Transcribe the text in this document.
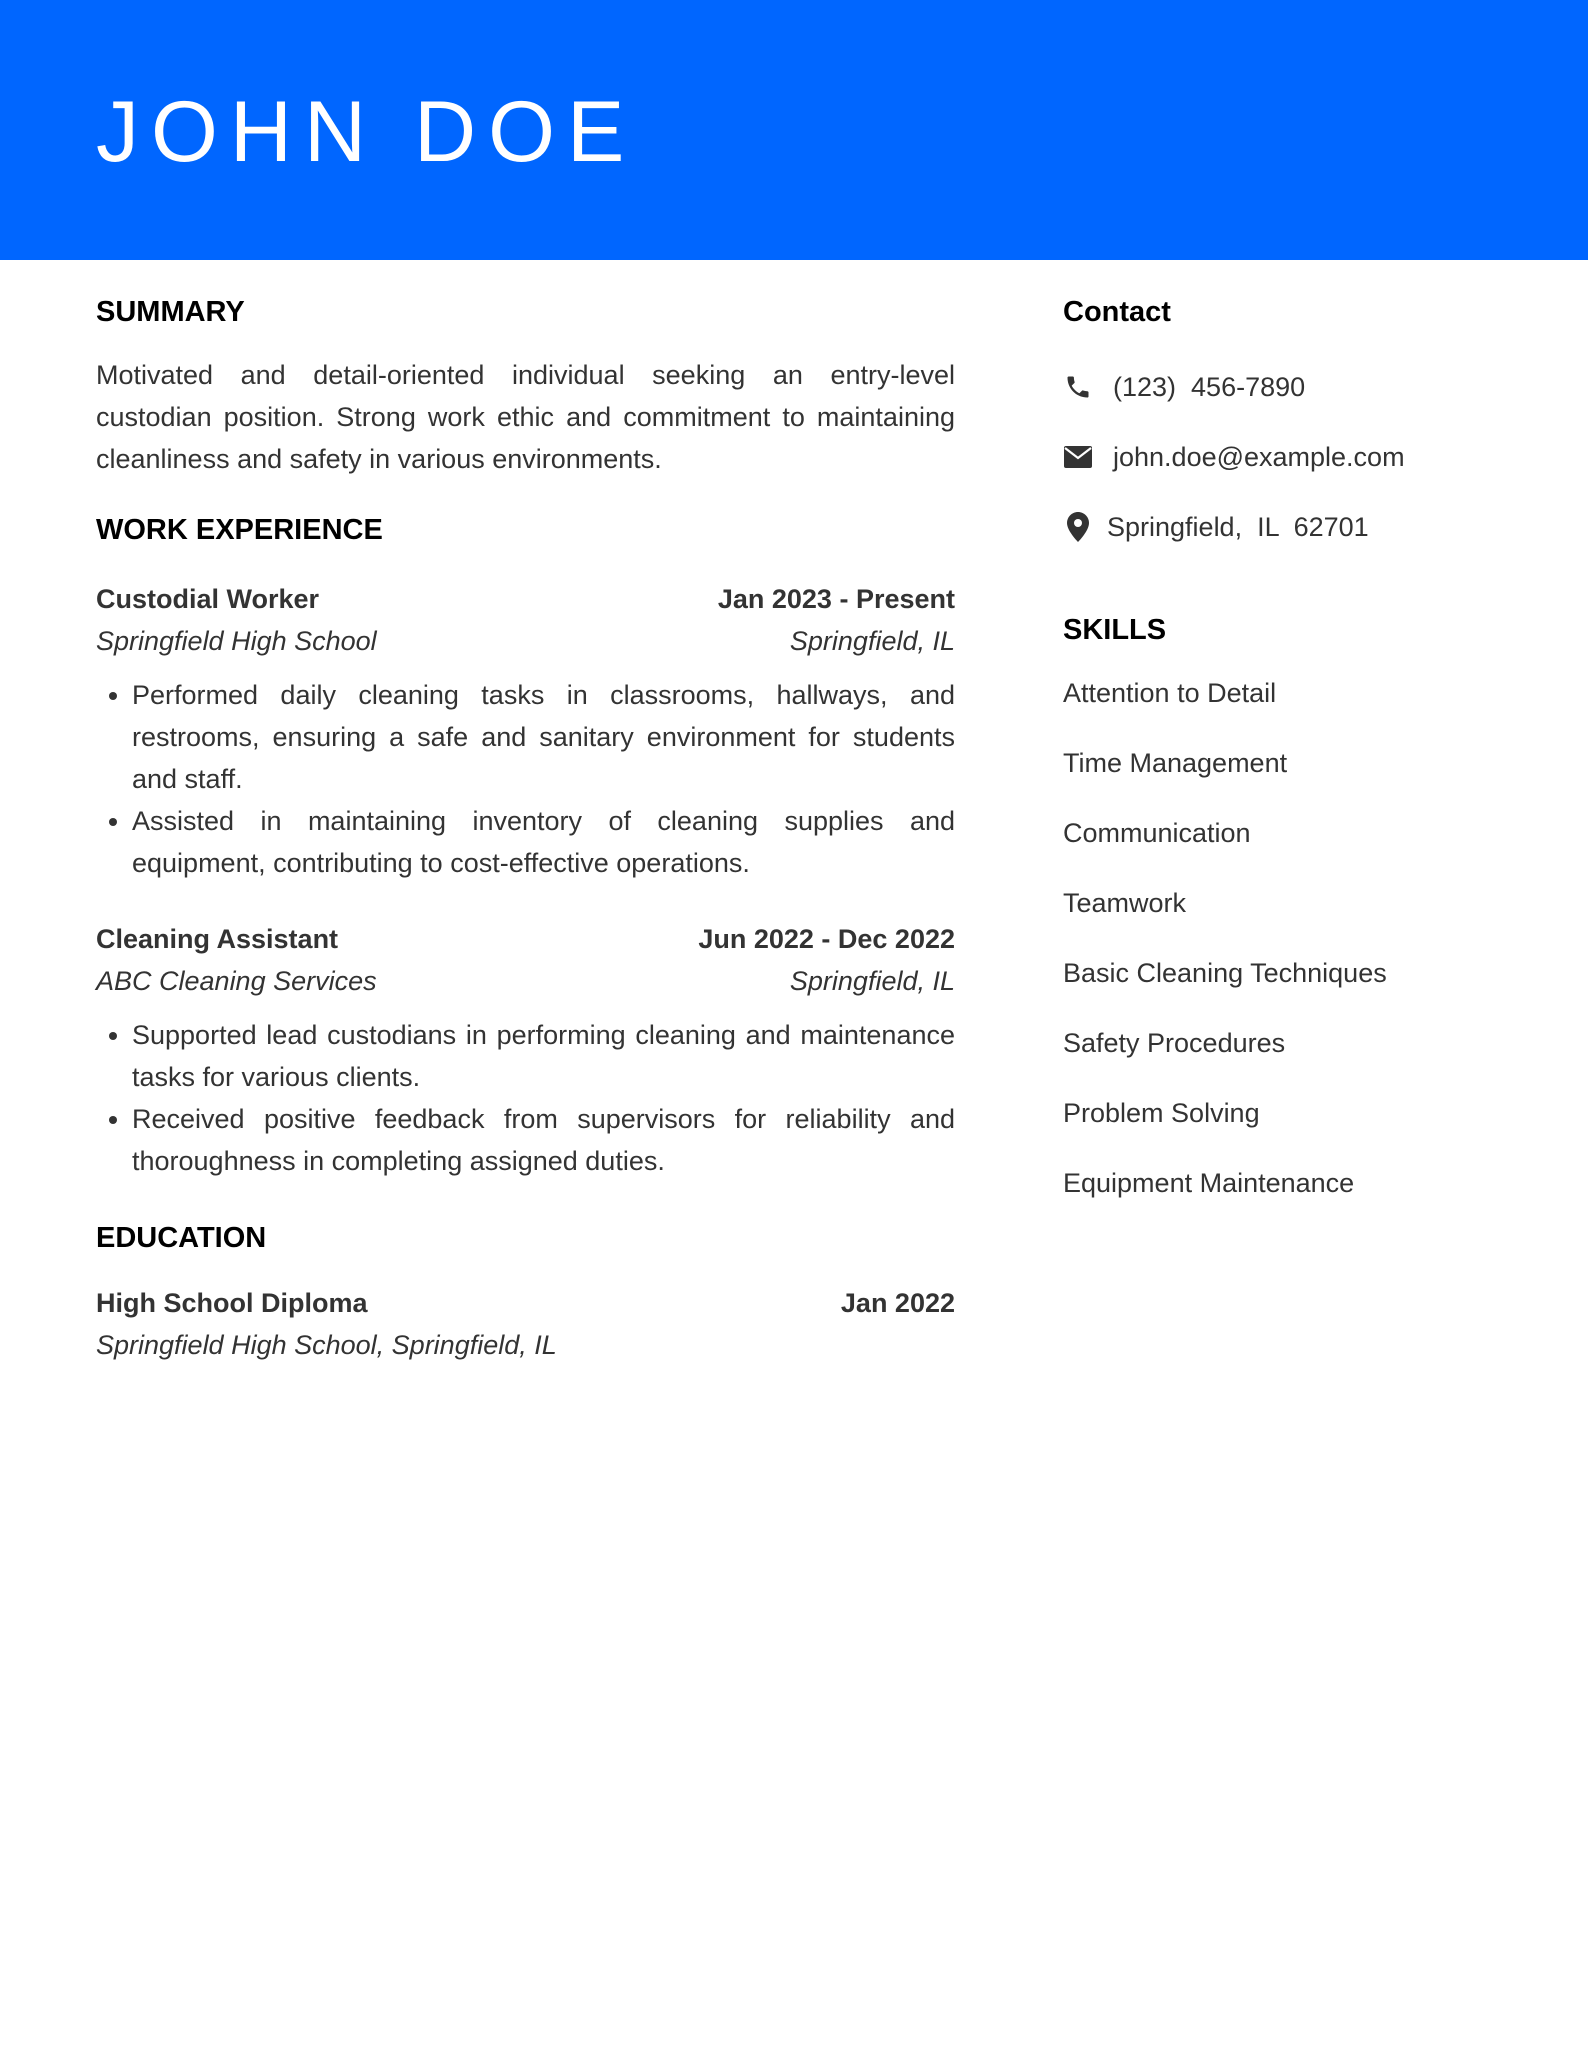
JOHN DOE
SUMMARY

Motivated and detail-oriented individual seeking an entry-level custodian position. Strong work ethic and commitment to maintaining cleanliness and safety in various environments.

WORK EXPERIENCE
Custodial Worker	Jan 2023 - Present
Springfield High School	Springfield, IL
• Performed daily cleaning tasks in classrooms, hallways, and restrooms, ensuring a safe and sanitary environment for students and staff.
• Assisted in maintaining inventory of cleaning supplies and equipment, contributing to cost-effective operations.
Cleaning Assistant	Jun 2022 - Dec 2022
ABC Cleaning Services	Springfield, IL
• Supported lead custodians in performing cleaning and maintenance tasks for various clients.
• Received positive feedback from supervisors for reliability and thoroughness in completing assigned duties.
EDUCATION
High School Diploma	Jan 2022
Springfield High School, Springfield, IL
Contact
(123)  456-7890
john.doe@example.com
Springfield,  IL  62701
SKILLS
Attention to Detail
Time Management
Communication
Teamwork
Basic Cleaning Techniques
Safety Procedures
Problem Solving
Equipment Maintenance
